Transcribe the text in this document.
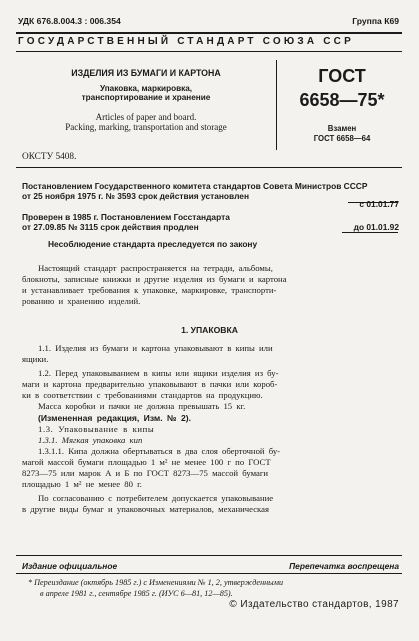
УДК 676.8.004.3 : 006.354	Группа К69
ГОСУДАРСТВЕННЫЙ СТАНДАРТ СОЮЗА ССР
ИЗДЕЛИЯ ИЗ БУМАГИ И КАРТОНА
Упаковка, маркировка,
транспортирование и хранение
Articles of paper and board.
Packing, marking, transportation and storage
ГОСТ
6658—75*
Взамен
ГОСТ 6658—64
ОКСТУ 5408.
Постановлением Государственного комитета стандартов Совета Министров СССР
от 25 ноября 1975 г. № 3593 срок действия установлен
с 01.01.77
Проверен в 1985 г. Постановлением Госстандарта
от 27.09.85 № 3115 срок действия продлен	до 01.01.92
Несоблюдение стандарта преследуется по закону
Настоящий стандарт распространяется на тетради, альбомы,
блокноты, записные книжки и другие изделия из бумаги и картона
и устанавливает требования к упаковке, маркировке, транспорти-
рованию и хранению изделий.
1. УПАКОВКА
1.1. Изделия из бумаги и картона упаковывают в кипы или
ящики.
1.2. Перед упаковыванием в кипы или ящики изделия из бу-
маги и картона предварительно упаковывают в пачки или короб-
ки в соответствии с требованиями стандартов на продукцию.
Масса коробки и пачки не должна превышать 15 кг.
(Измененная редакция, Изм. № 2).
1.3. Упаковывание в кипы
1.3.1. Мягкая упаковка кип
1.3.1.1. Кипа должна обертываться в два слоя оберточной бу-
магой массой бумаги площадью 1 м² не менее 100 г по ГОСТ
8273—75 или марок А и Б по ГОСТ 8273—75 массой бумаги
площадью 1 м² не менее 80 г.
По согласованию с потребителем допускается упаковывание
в другие виды бумаг и упаковочных материалов, механическая
Издание официальное	Перепечатка воспрещена
* Переиздание (октябрь 1985 г.) с Изменениями № 1, 2, утвержденными
в апреле 1981 г., сентябре 1985 г. (ИУС 6—81, 12—85).
© Издательство стандартов, 1987
